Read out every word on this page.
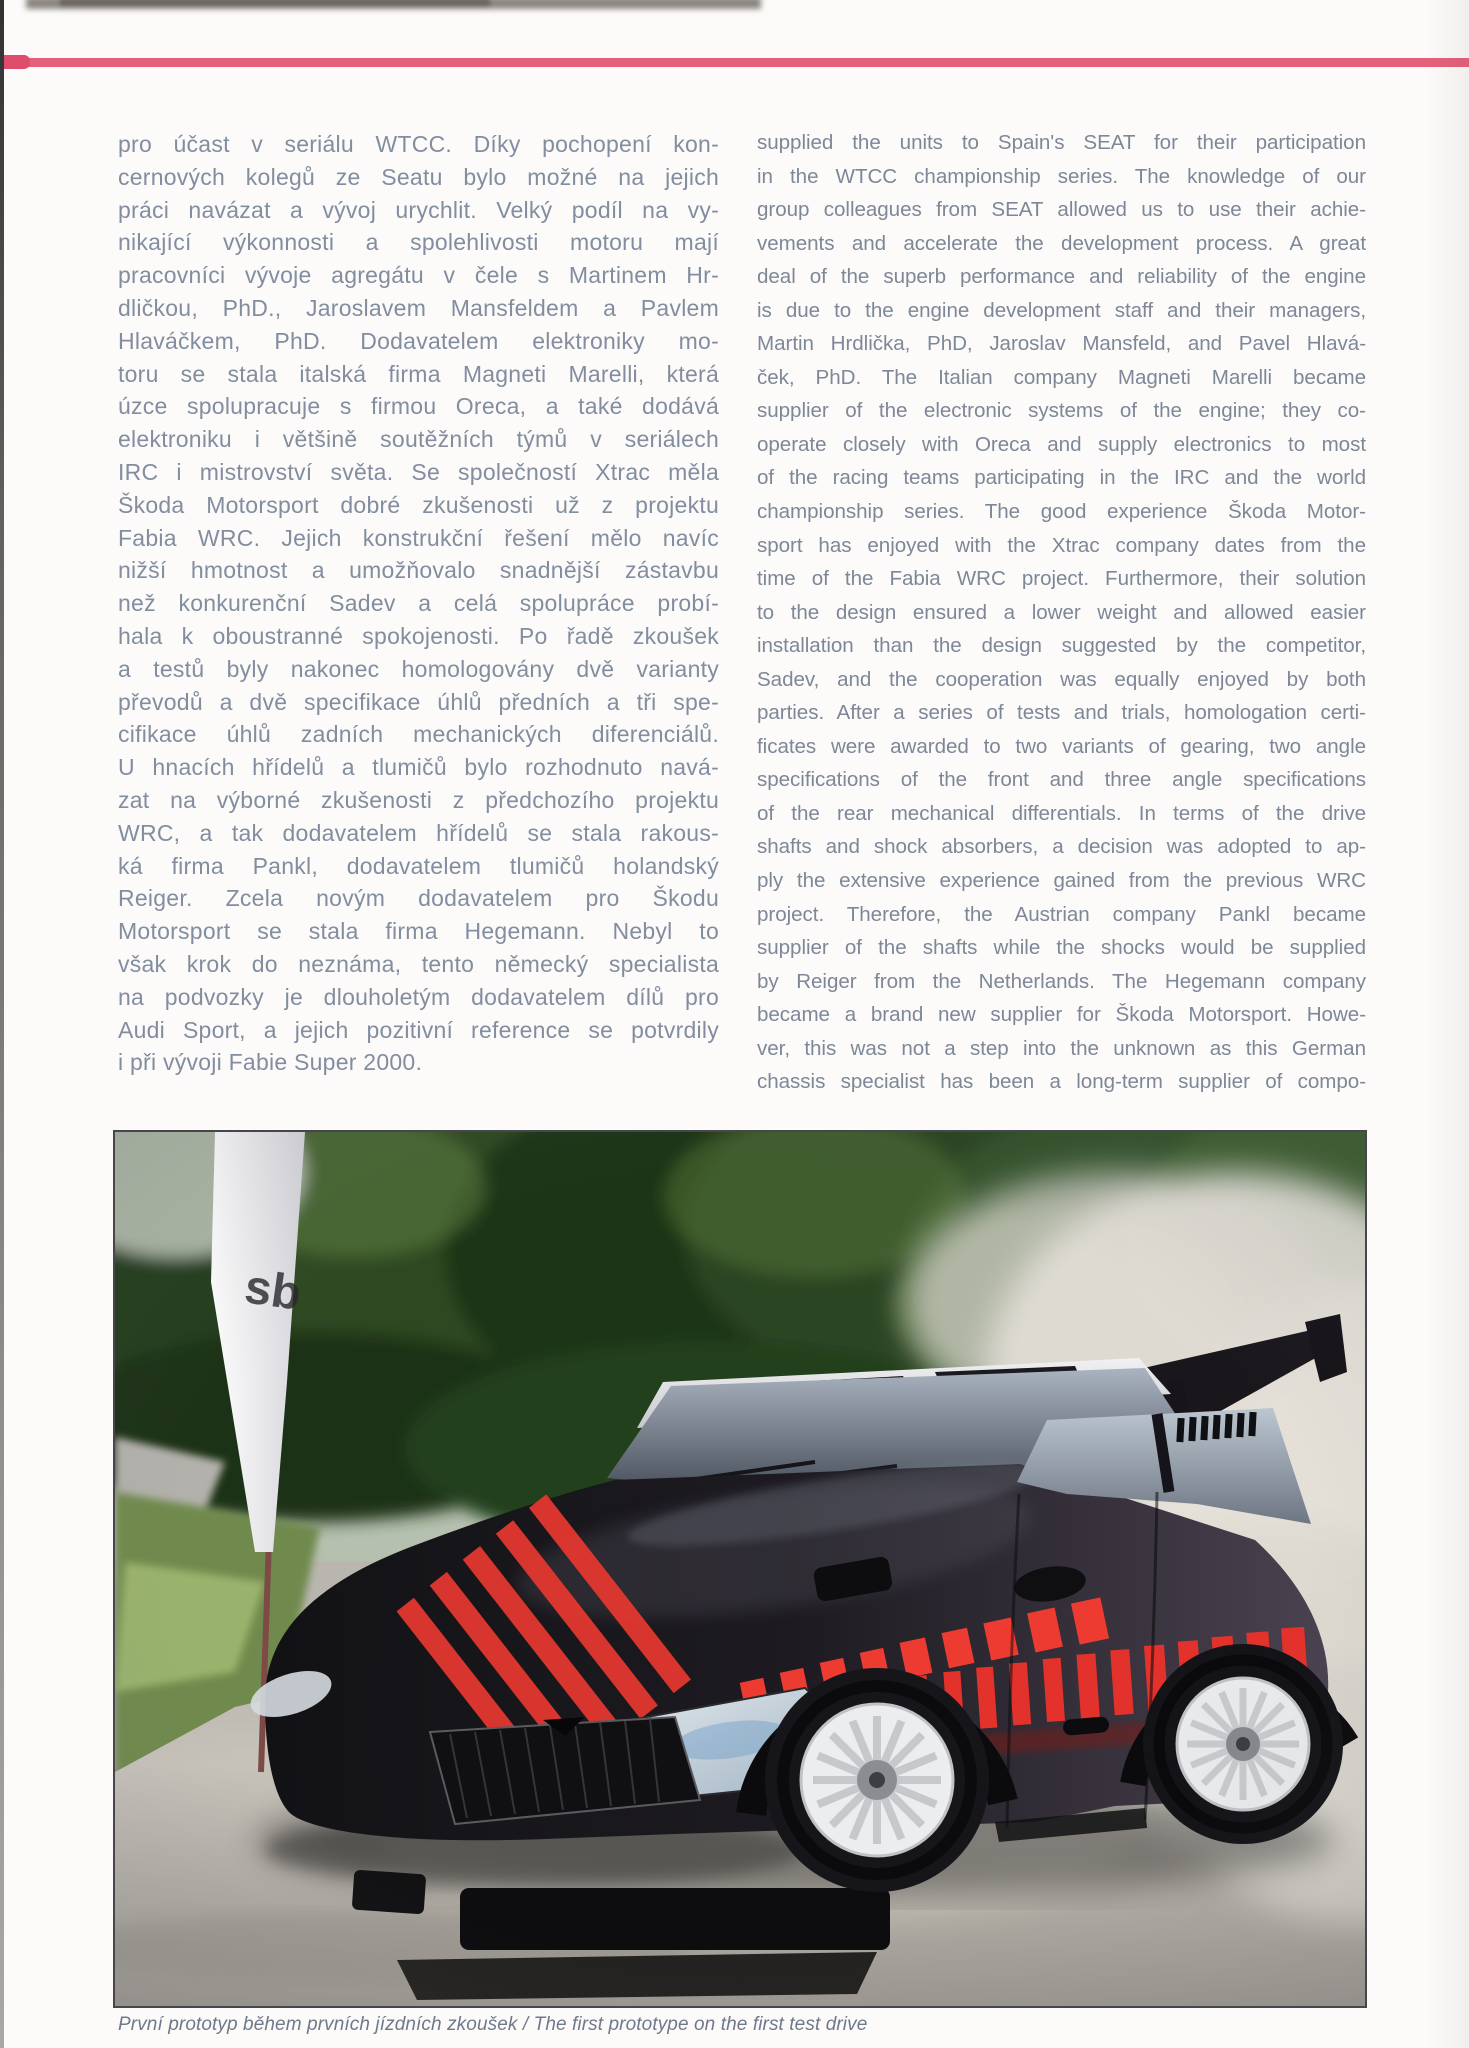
pro účast v seriálu WTCC. Díky pochopení kon-
cernových kolegů ze Seatu bylo možné na jejich
práci navázat a vývoj urychlit. Velký podíl na vy-
nikající výkonnosti a spolehlivosti motoru mají
pracovníci vývoje agregátu v čele s Martinem Hr-
dličkou, PhD., Jaroslavem Mansfeldem a Pavlem
Hlaváčkem, PhD. Dodavatelem elektroniky mo-
toru se stala italská firma Magneti Marelli, která
úzce spolupracuje s firmou Oreca, a také dodává
elektroniku i většině soutěžních týmů v seriálech
IRC i mistrovství světa. Se společností Xtrac měla
Škoda Motorsport dobré zkušenosti už z projektu
Fabia WRC. Jejich konstrukční řešení mělo navíc
nižší hmotnost a umožňovalo snadnější zástavbu
než konkurenční Sadev a celá spolupráce probí-
hala k oboustranné spokojenosti. Po řadě zkoušek
a testů byly nakonec homologovány dvě varianty
převodů a dvě specifikace úhlů předních a tři spe-
cifikace úhlů zadních mechanických diferenciálů.
U hnacích hřídelů a tlumičů bylo rozhodnuto navá-
zat na výborné zkušenosti z předchozího projektu
WRC, a tak dodavatelem hřídelů se stala rakous-
ká firma Pankl, dodavatelem tlumičů holandský
Reiger. Zcela novým dodavatelem pro Škodu
Motorsport se stala firma Hegemann. Nebyl to
však krok do neznáma, tento německý specialista
na podvozky je dlouholetým dodavatelem dílů pro
Audi Sport, a jejich pozitivní reference se potvrdily
i při vývoji Fabie Super 2000.
supplied the units to Spain's SEAT for their participation
in the WTCC championship series. The knowledge of our
group colleagues from SEAT allowed us to use their achie-
vements and accelerate the development process. A great
deal of the superb performance and reliability of the engine
is due to the engine development staff and their managers,
Martin Hrdlička, PhD, Jaroslav Mansfeld, and Pavel Hlavá-
ček, PhD. The Italian company Magneti Marelli became
supplier of the electronic systems of the engine; they co-
operate closely with Oreca and supply electronics to most
of the racing teams participating in the IRC and the world
championship series. The good experience Škoda Motor-
sport has enjoyed with the Xtrac company dates from the
time of the Fabia WRC project. Furthermore, their solution
to the design ensured a lower weight and allowed easier
installation than the design suggested by the competitor,
Sadev, and the cooperation was equally enjoyed by both
parties. After a series of tests and trials, homologation certi-
ficates were awarded to two variants of gearing, two angle
specifications of the front and three angle specifications
of the rear mechanical differentials. In terms of the drive
shafts and shock absorbers, a decision was adopted to ap-
ply the extensive experience gained from the previous WRC
project. Therefore, the Austrian company Pankl became
supplier of the shafts while the shocks would be supplied
by Reiger from the Netherlands. The Hegemann company
became a brand new supplier for Škoda Motorsport. Howe-
ver, this was not a step into the unknown as this German
chassis specialist has been a long-term supplier of compo-
První prototyp během prvních jízdních zkoušek / The first prototype on the first test drive
